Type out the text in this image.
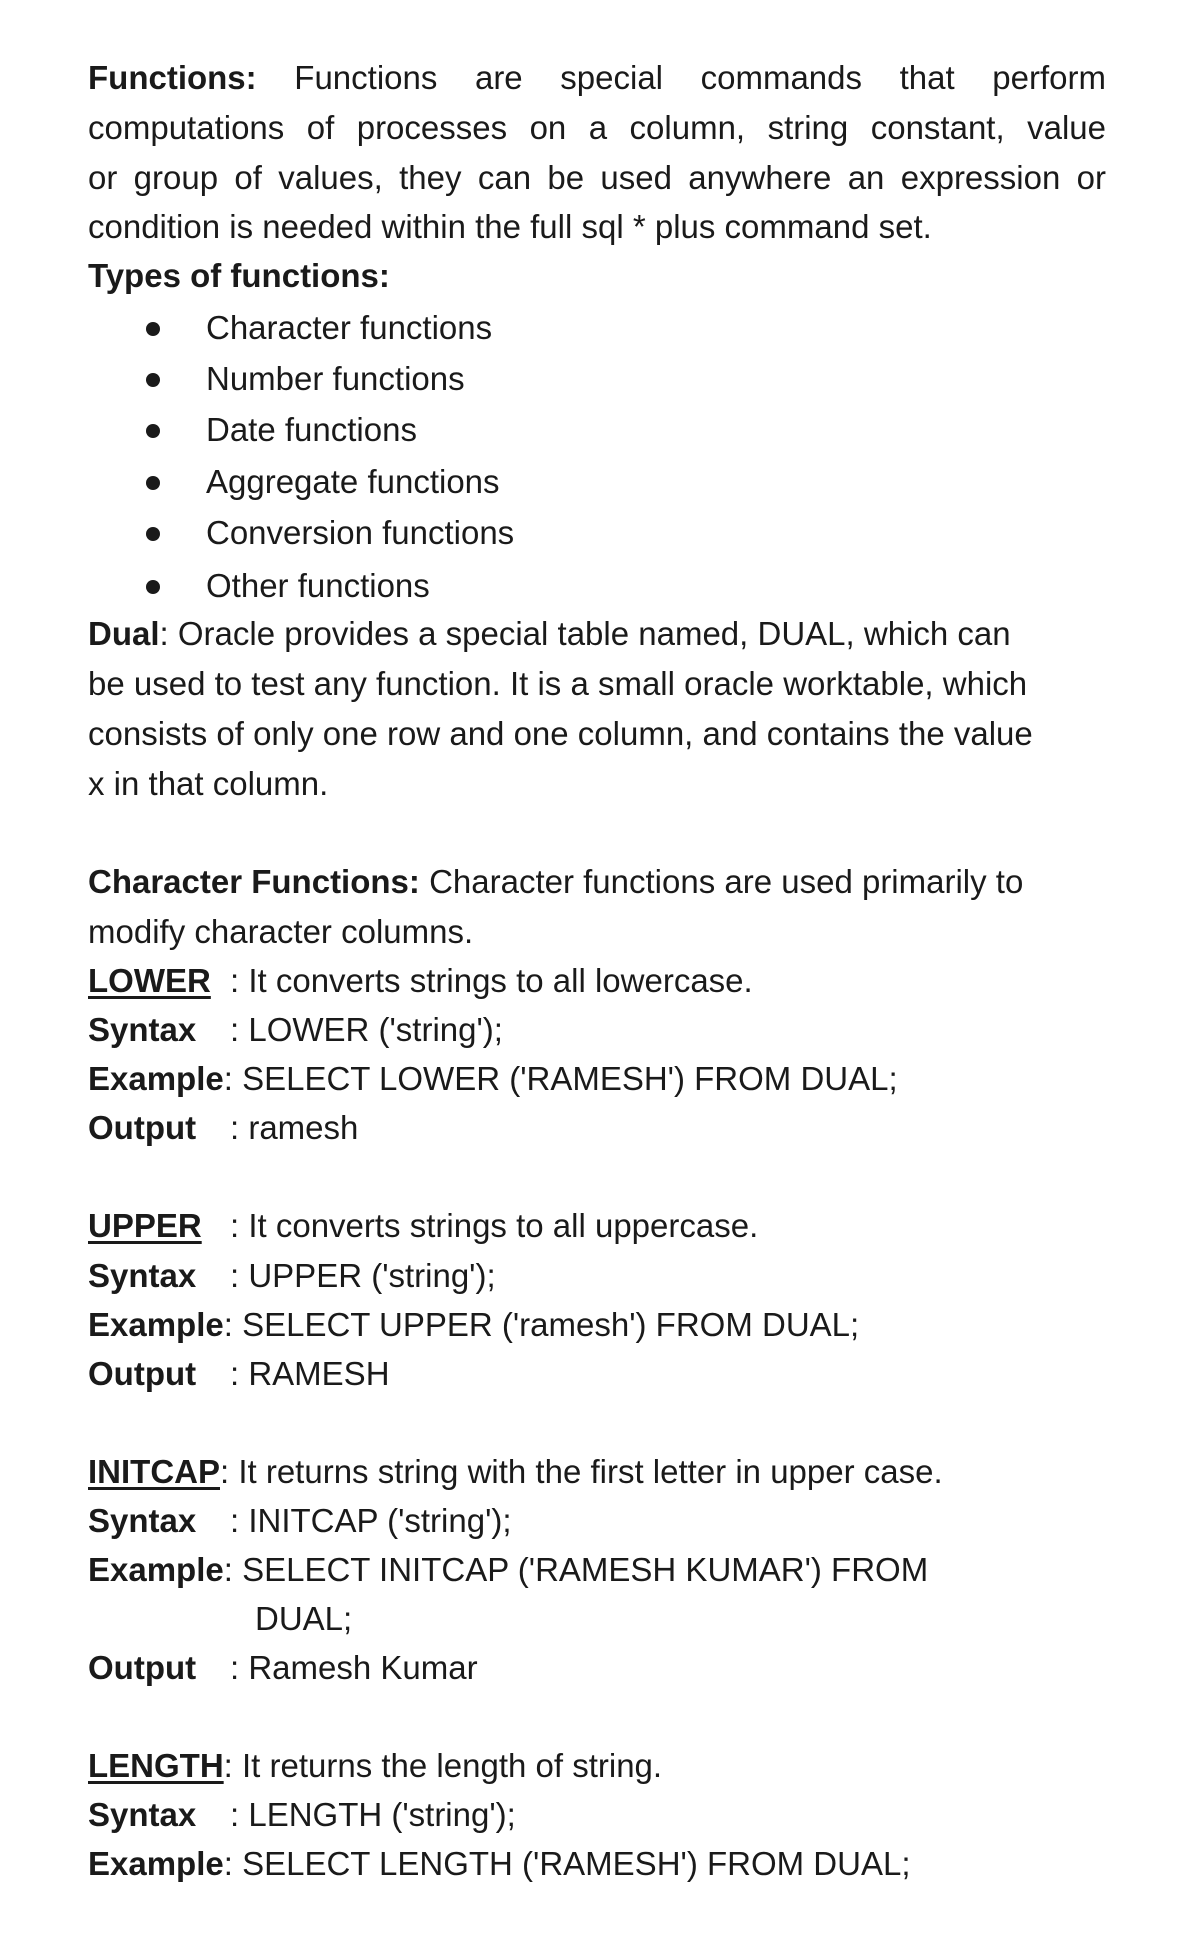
Functions: Functions are special commands that perform
computations of processes on a column, string constant, value
or group of values, they can be used anywhere an expression or
condition is needed within the full sql * plus command set.
Types of functions:
Character functions
Number functions
Date functions
Aggregate functions
Conversion functions
Other functions
Dual: Oracle provides a special table named, DUAL, which can
be used to test any function. It is a small oracle worktable, which
consists of only one row and one column, and contains the value
x in that column.
Character Functions: Character functions are used primarily to
modify character columns.
LOWER : It converts strings to all lowercase.
Syntax : LOWER ('string');
Example: SELECT LOWER ('RAMESH') FROM DUAL;
Output : ramesh
UPPER : It converts strings to all uppercase.
Syntax : UPPER ('string');
Example: SELECT UPPER ('ramesh') FROM DUAL;
Output : RAMESH
INITCAP: It returns string with the first letter in upper case.
Syntax : INITCAP ('string');
Example: SELECT INITCAP ('RAMESH KUMAR') FROM
DUAL;
Output : Ramesh Kumar
LENGTH: It returns the length of string.
Syntax : LENGTH ('string');
Example: SELECT LENGTH ('RAMESH') FROM DUAL;
